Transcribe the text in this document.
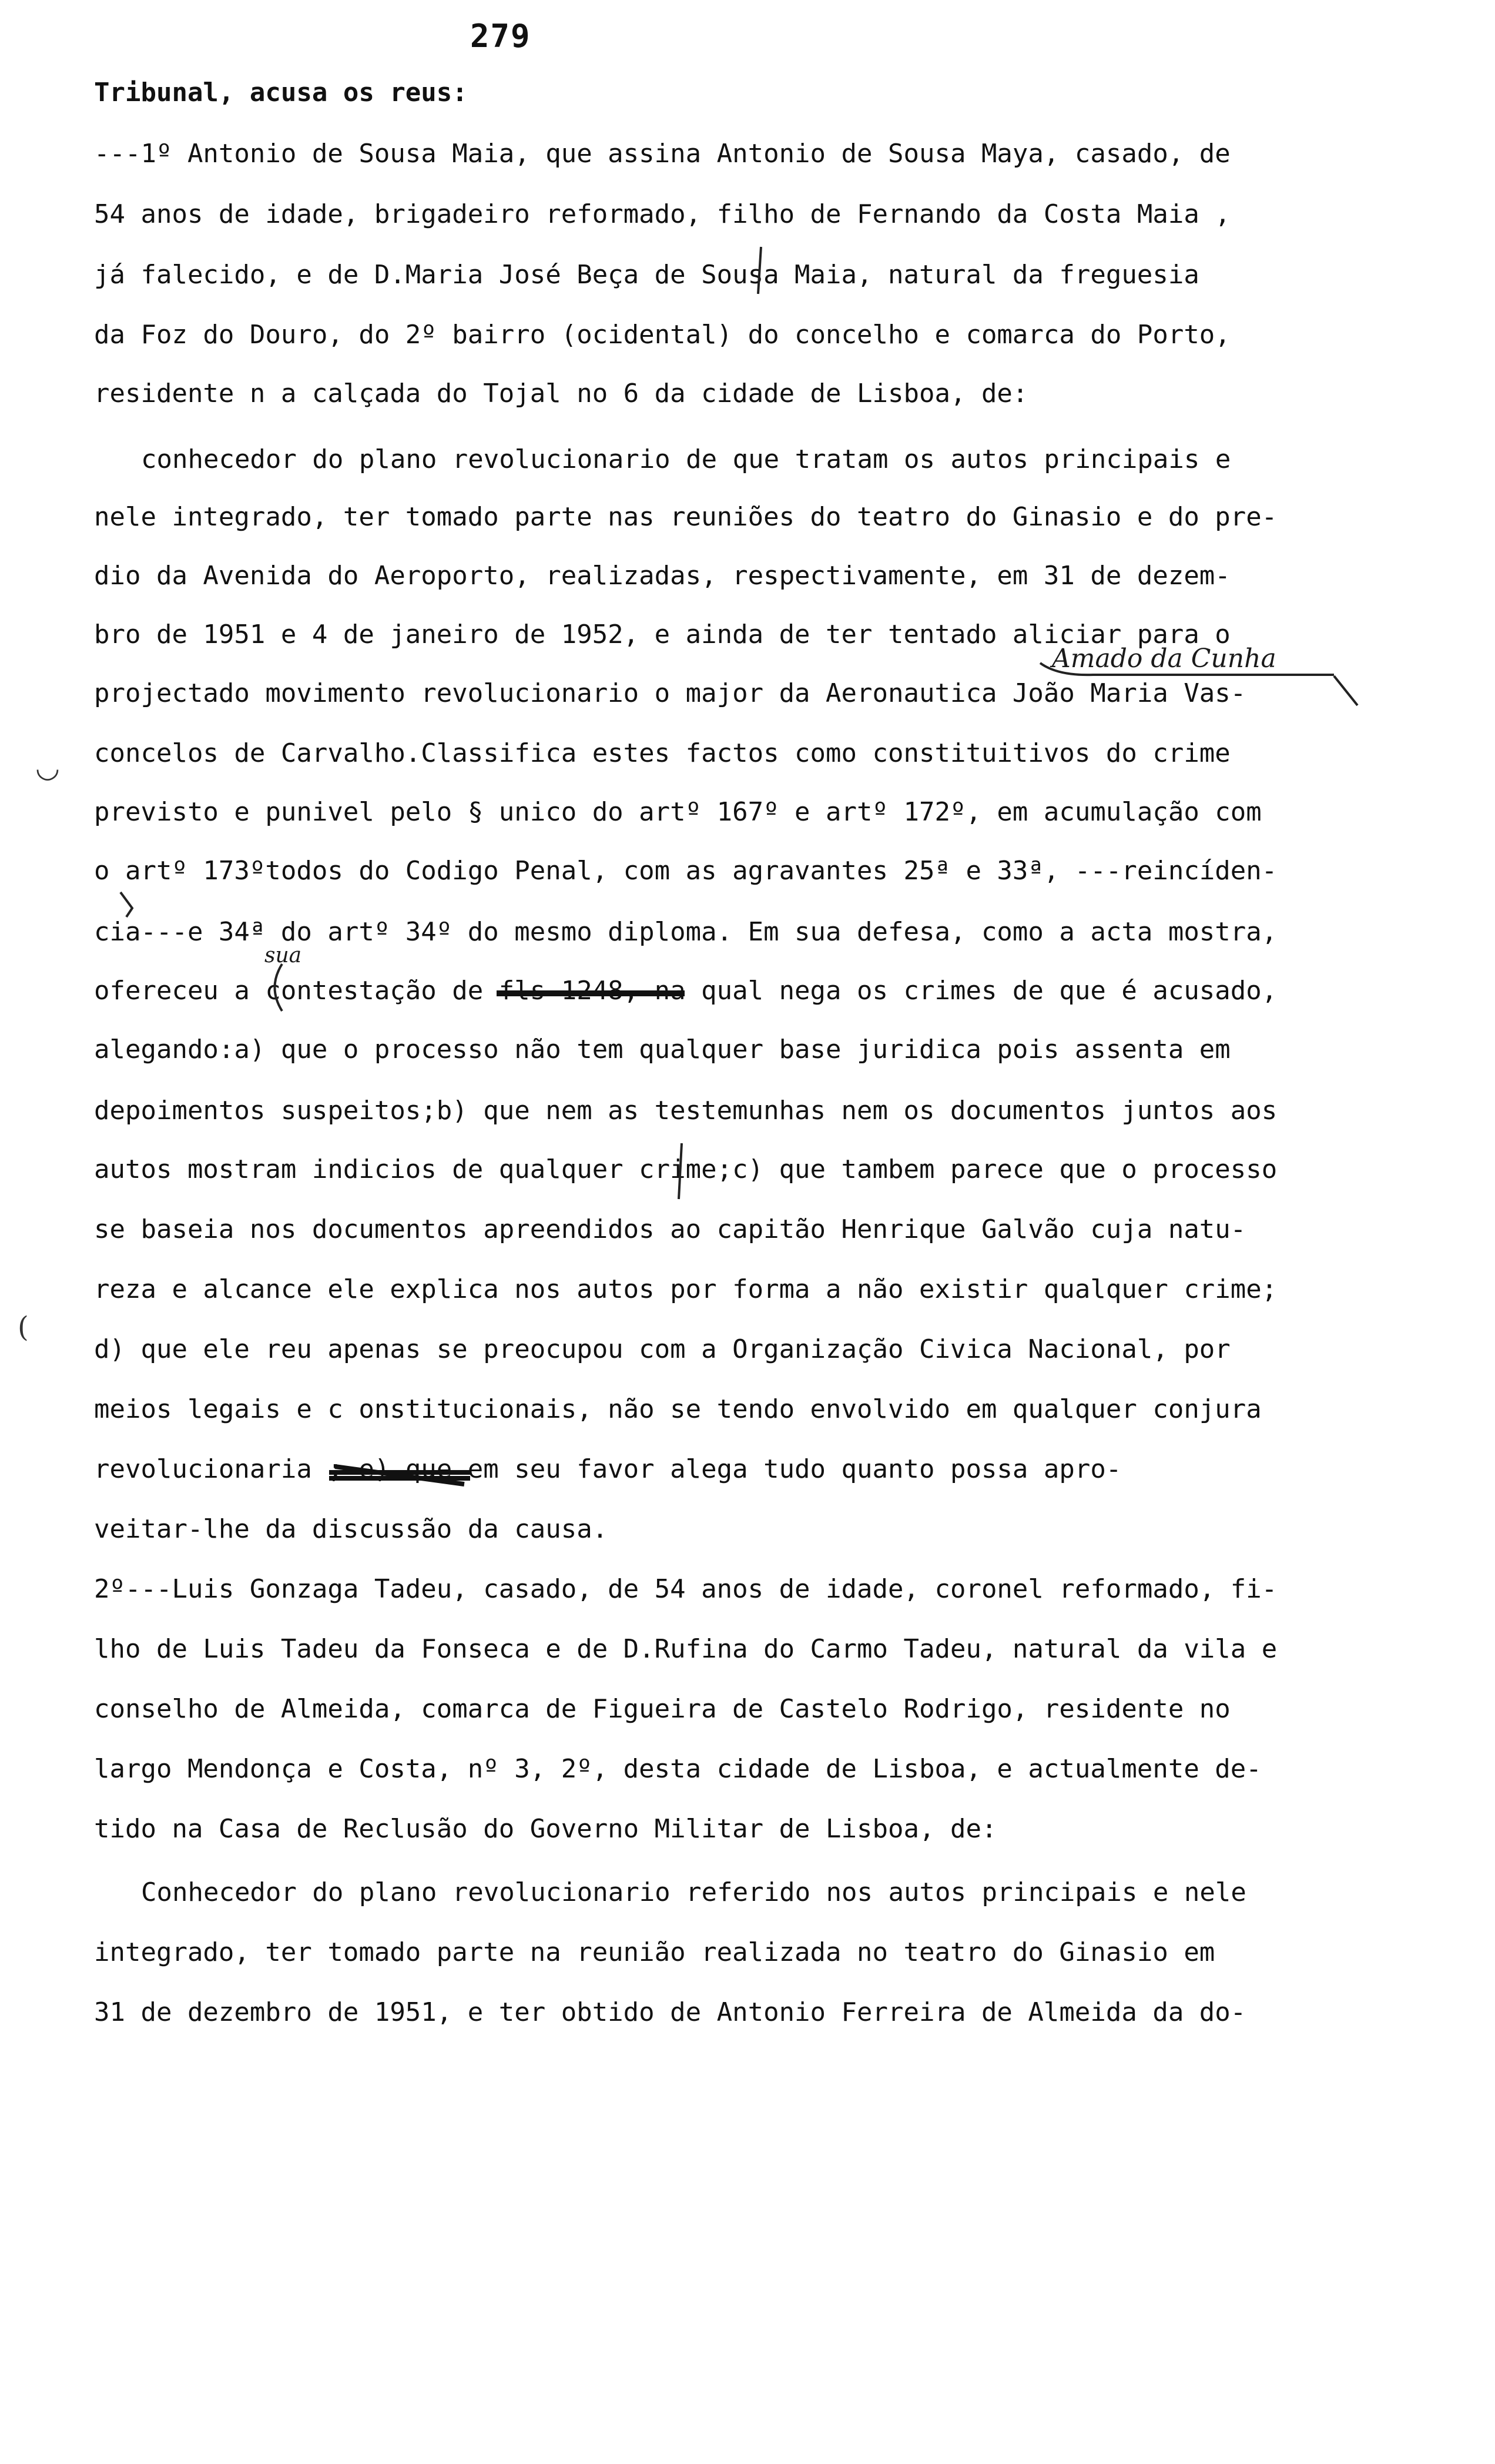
279
Tribunal, acusa os reus:
---1º Antonio de Sousa Maia, que assina Antonio de Sousa Maya, casado, de
54 anos de idade, brigadeiro reformado, filho de Fernando da Costa Maia ,
já falecido, e de D.Maria José Beça de Sousa Maia, natural da freguesia
da Foz do Douro, do 2º bairro (ocidental) do concelho e comarca do Porto,
residente n a calçada do Tojal no 6 da cidade de Lisboa, de:
conhecedor do plano revolucionario de que tratam os autos principais e
nele integrado, ter tomado parte nas reuniões do teatro do Ginasio e do pre-
dio da Avenida do Aeroporto, realizadas, respectivamente, em 31 de dezem-
bro de 1951 e 4 de janeiro de 1952, e ainda de ter tentado aliciar para o
projectado movimento revolucionario o major da Aeronautica João Maria Vas-
concelos de Carvalho.Classifica estes factos como constituitivos do crime
previsto e punivel pelo § unico do artº 167º e artº 172º, em acumulação com
o artº 173ºtodos do Codigo Penal, com as agravantes 25ª e 33ª, ---reincíden-
cia---e 34ª do artº 34º do mesmo diploma. Em sua defesa, como a acta mostra,
ofereceu a contestação de fls 1248, na qual nega os crimes de que é acusado,
alegando:a) que o processo não tem qualquer base juridica pois assenta em
depoimentos suspeitos;b) que nem as testemunhas nem os documentos juntos aos
autos mostram indicios de qualquer crime;c) que tambem parece que o processo
se baseia nos documentos apreendidos ao capitão Henrique Galvão cuja natu-
reza e alcance ele explica nos autos por forma a não existir qualquer crime;
d) que ele reu apenas se preocupou com a Organização Civica Nacional, por
meios legais e c onstitucionais, não se tendo envolvido em qualquer conjura
revolucionaria ; e) que em seu favor alega tudo quanto possa apro-
veitar-lhe da discussão da causa.
2º---Luis Gonzaga Tadeu, casado, de 54 anos de idade, coronel reformado, fi-
lho de Luis Tadeu da Fonseca e de D.Rufina do Carmo Tadeu, natural da vila e
conselho de Almeida, comarca de Figueira de Castelo Rodrigo, residente no
largo Mendonça e Costa, nº 3, 2º, desta cidade de Lisboa, e actualmente de-
tido na Casa de Reclusão do Governo Militar de Lisboa, de:
Conhecedor do plano revolucionario referido nos autos principais e nele
integrado, ter tomado parte na reunião realizada no teatro do Ginasio em
31 de dezembro de 1951, e ter obtido de Antonio Ferreira de Almeida da do-
Amado da Cunha
sua
◡
(
